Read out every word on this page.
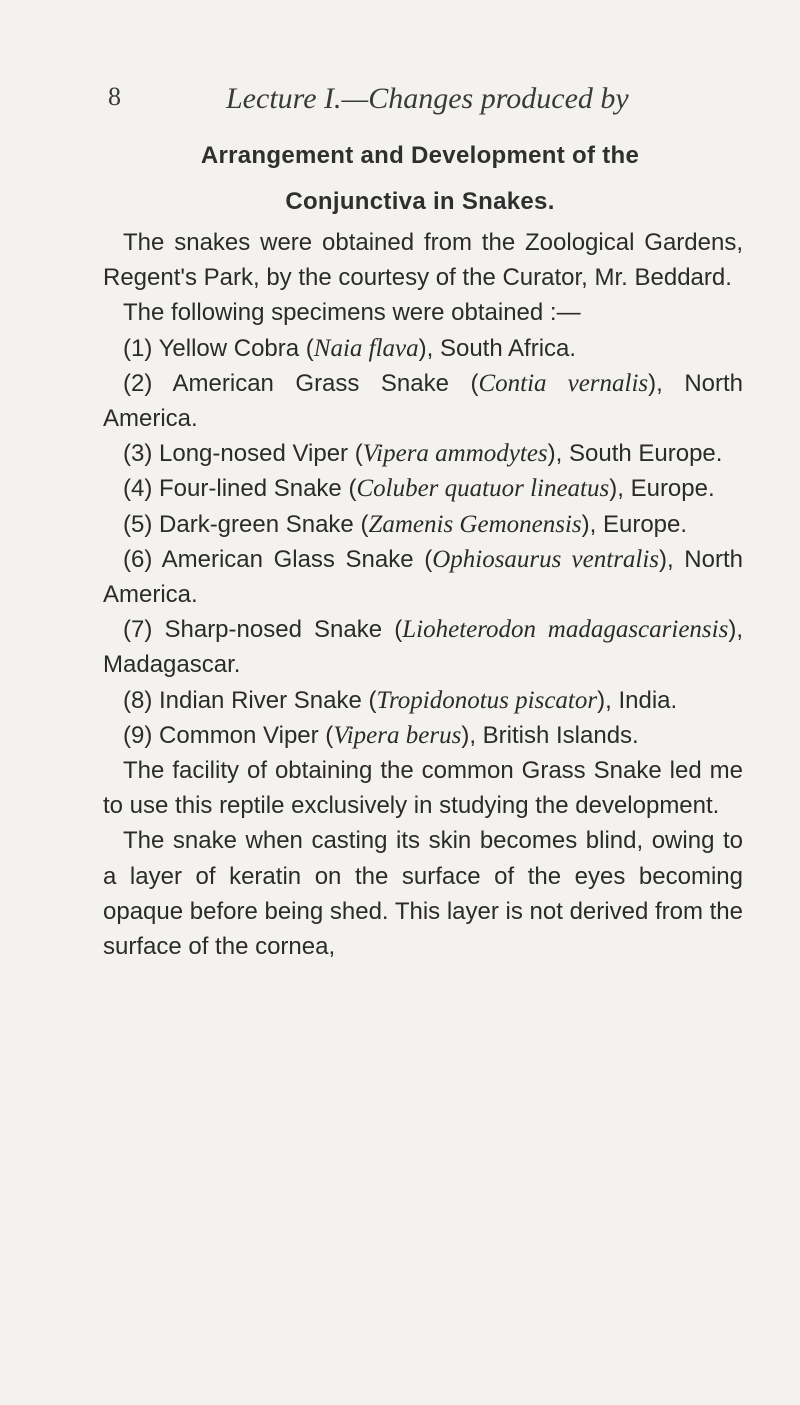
8	Lecture I.—Changes produced by
Arrangement and Development of the
Conjunctiva in Snakes.

The snakes were obtained from the Zoological Gardens, Regent's Park, by the courtesy of the Curator, Mr. Beddard.

The following specimens were obtained :—

(1) Yellow Cobra (Naia flava), South Africa.

(2) American Grass Snake (Contia vernalis), North America.

(3) Long-nosed Viper (Vipera ammodytes), South Europe.

(4) Four-lined Snake (Coluber quatuor lineatus), Europe.

(5) Dark-green Snake (Zamenis Gemonensis), Europe.

(6) American Glass Snake (Ophiosaurus ventralis), North America.

(7) Sharp-nosed Snake (Lioheterodon madagascariensis), Madagascar.

(8) Indian River Snake (Tropidonotus piscator), India.

(9) Common Viper (Vipera berus), British Islands.

The facility of obtaining the common Grass Snake led me to use this reptile exclusively in studying the development.

The snake when casting its skin becomes blind, owing to a layer of keratin on the surface of the eyes becoming opaque before being shed. This layer is not derived from the surface of the cornea,
